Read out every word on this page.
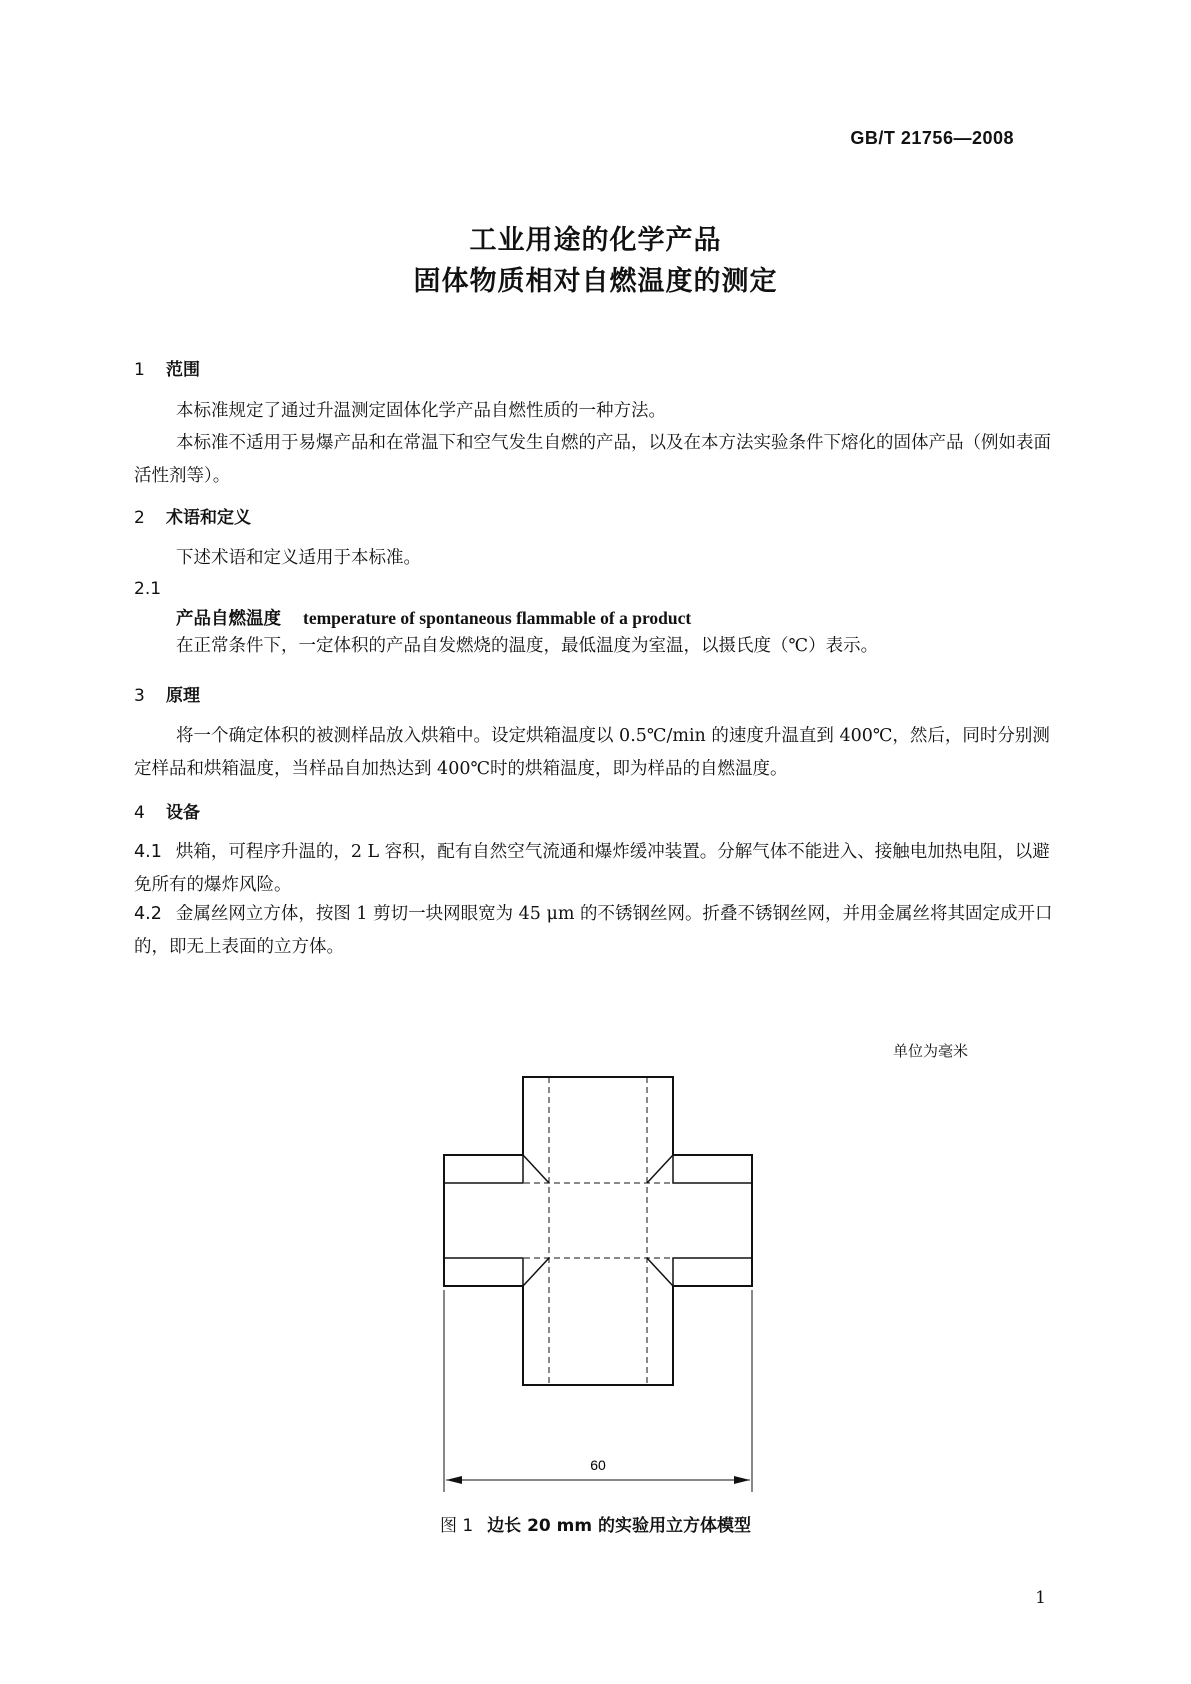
GB/T 21756—2008
工业用途的化学产品
固体物质相对自燃温度的测定
1 范围
本标准规定了通过升温测定固体化学产品自燃性质的一种方法。
本标准不适用于易爆产品和在常温下和空气发生自燃的产品，以及在本方法实验条件下熔化的固体产品（例如表面活性剂等）。
2 术语和定义
下述术语和定义适用于本标准。
2.1
产品自燃温度 temperature of spontaneous flammable of a product
在正常条件下，一定体积的产品自发燃烧的温度，最低温度为室温，以摄氏度（℃）表示。
3 原理
将一个确定体积的被测样品放入烘箱中。设定烘箱温度以 0.5℃/min 的速度升温直到 400℃，然后，同时分别测定样品和烘箱温度，当样品自加热达到 400℃时的烘箱温度，即为样品的自燃温度。
4 设备
4.1 烘箱，可程序升温的，2 L 容积，配有自然空气流通和爆炸缓冲装置。分解气体不能进入、接触电加热电阻，以避免所有的爆炸风险。
4.2 金属丝网立方体，按图 1 剪切一块网眼宽为 45 μm 的不锈钢丝网。折叠不锈钢丝网，并用金属丝将其固定成开口的，即无上表面的立方体。
单位为毫米
60
图 1 边长 20 mm 的实验用立方体模型
1
